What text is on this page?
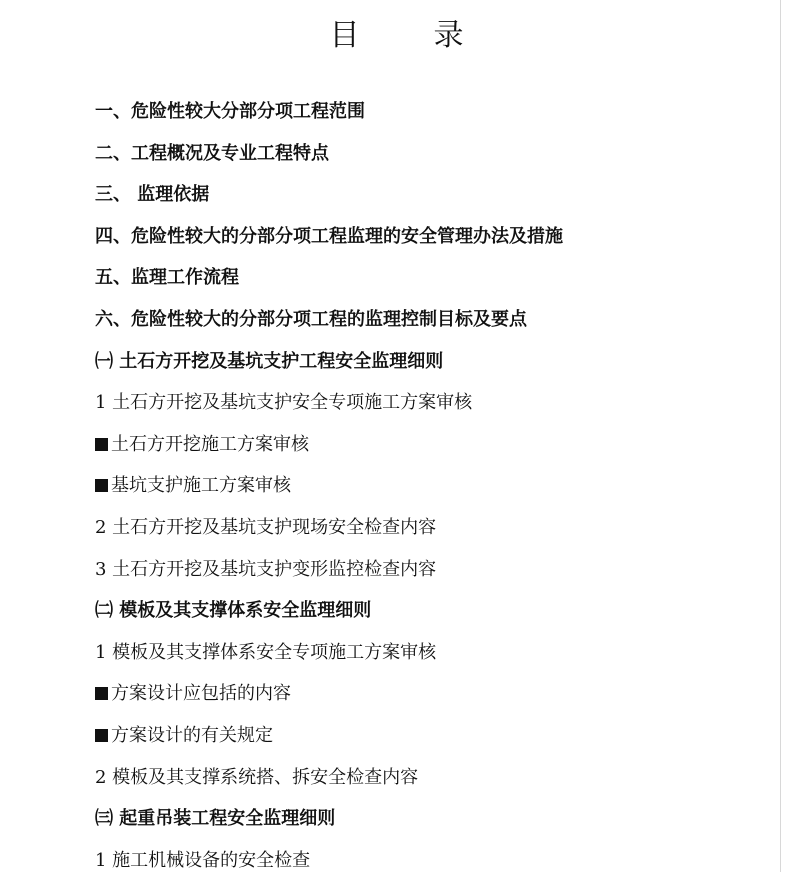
目 录
一、危险性较大分部分项工程范围
二、工程概况及专业工程特点
三、 监理依据
四、危险性较大的分部分项工程监理的安全管理办法及措施
五、监理工作流程
六、危险性较大的分部分项工程的监理控制目标及要点
㈠ 土石方开挖及基坑支护工程安全监理细则
1 土石方开挖及基坑支护安全专项施工方案审核
土石方开挖施工方案审核
基坑支护施工方案审核
2 土石方开挖及基坑支护现场安全检查内容
3 土石方开挖及基坑支护变形监控检查内容
㈡ 模板及其支撑体系安全监理细则
1 模板及其支撑体系安全专项施工方案审核
方案设计应包括的内容
方案设计的有关规定
2 模板及其支撑系统搭、拆安全检查内容
㈢ 起重吊装工程安全监理细则
1 施工机械设备的安全检查
